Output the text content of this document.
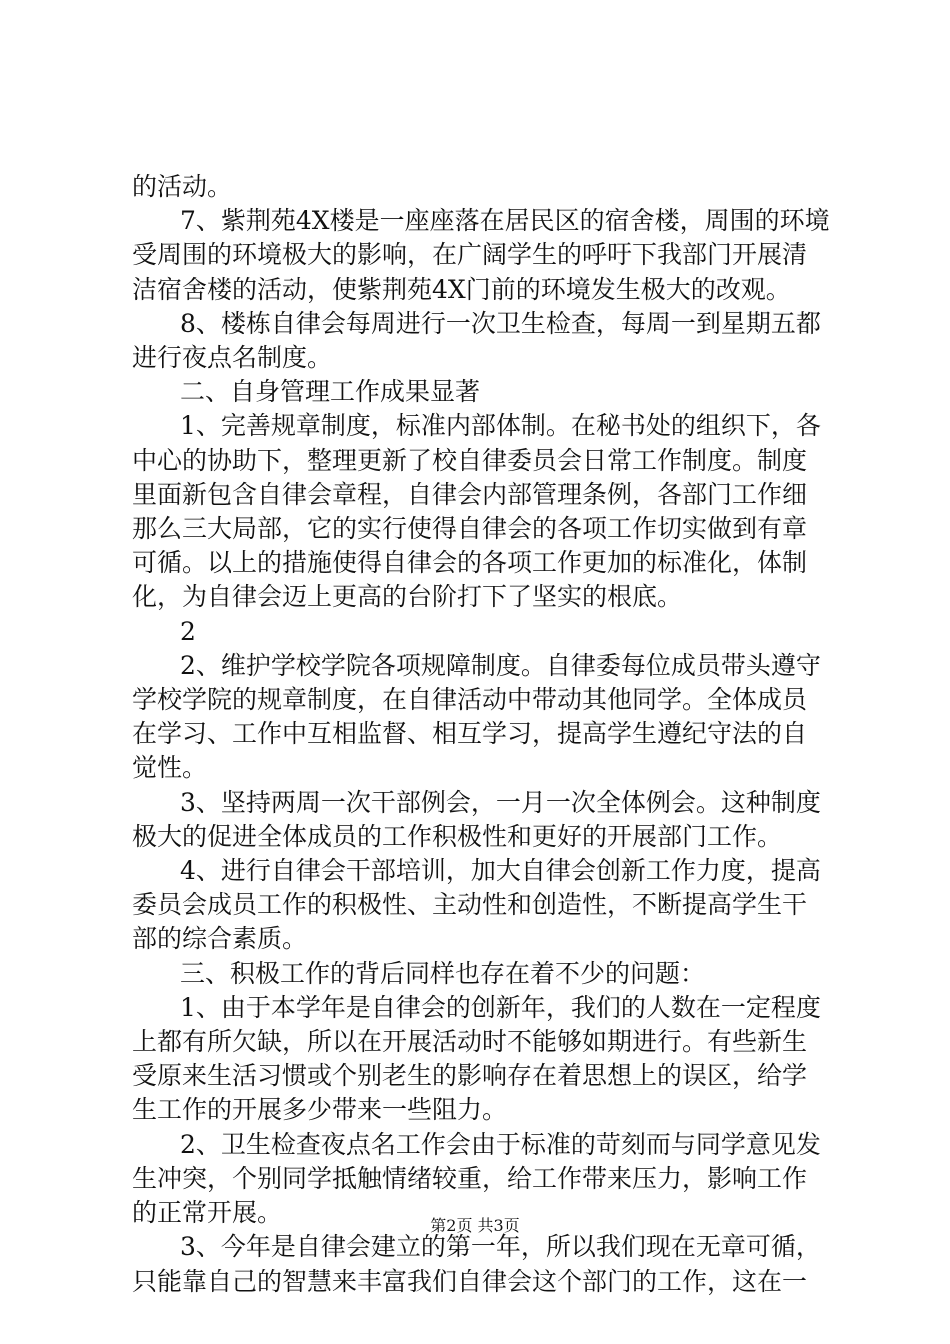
的活动。
7、紫荆苑4X楼是一座座落在居民区的宿舍楼，周围的环境
受周围的环境极大的影响，在广阔学生的呼吁下我部门开展清
洁宿舍楼的活动，使紫荆苑4X门前的环境发生极大的改观。
8、楼栋自律会每周进行一次卫生检查，每周一到星期五都
进行夜点名制度。
二、自身管理工作成果显著
1、完善规章制度，标准内部体制。在秘书处的组织下，各
中心的协助下，整理更新了校自律委员会日常工作制度。制度
里面新包含自律会章程，自律会内部管理条例，各部门工作细
那么三大局部，它的实行使得自律会的各项工作切实做到有章
可循。以上的措施使得自律会的各项工作更加的标准化，体制
化，为自律会迈上更高的台阶打下了坚实的根底。
2
2、维护学校学院各项规障制度。自律委每位成员带头遵守
学校学院的规章制度，在自律活动中带动其他同学。全体成员
在学习、工作中互相监督、相互学习，提高学生遵纪守法的自
觉性。
3、坚持两周一次干部例会，一月一次全体例会。这种制度
极大的促进全体成员的工作积极性和更好的开展部门工作。
4、进行自律会干部培训，加大自律会创新工作力度，提高
委员会成员工作的积极性、主动性和创造性，不断提高学生干
部的综合素质。
三、积极工作的背后同样也存在着不少的问题：
1、由于本学年是自律会的创新年，我们的人数在一定程度
上都有所欠缺，所以在开展活动时不能够如期进行。有些新生
受原来生活习惯或个别老生的影响存在着思想上的误区，给学
生工作的开展多少带来一些阻力。
2、卫生检查夜点名工作会由于标准的苛刻而与同学意见发
生冲突，个别同学抵触情绪较重，给工作带来压力，影响工作
的正常开展。
3、今年是自律会建立的第一年，所以我们现在无章可循，
只能靠自己的智慧来丰富我们自律会这个部门的工作，这在一
第2页 共3页
